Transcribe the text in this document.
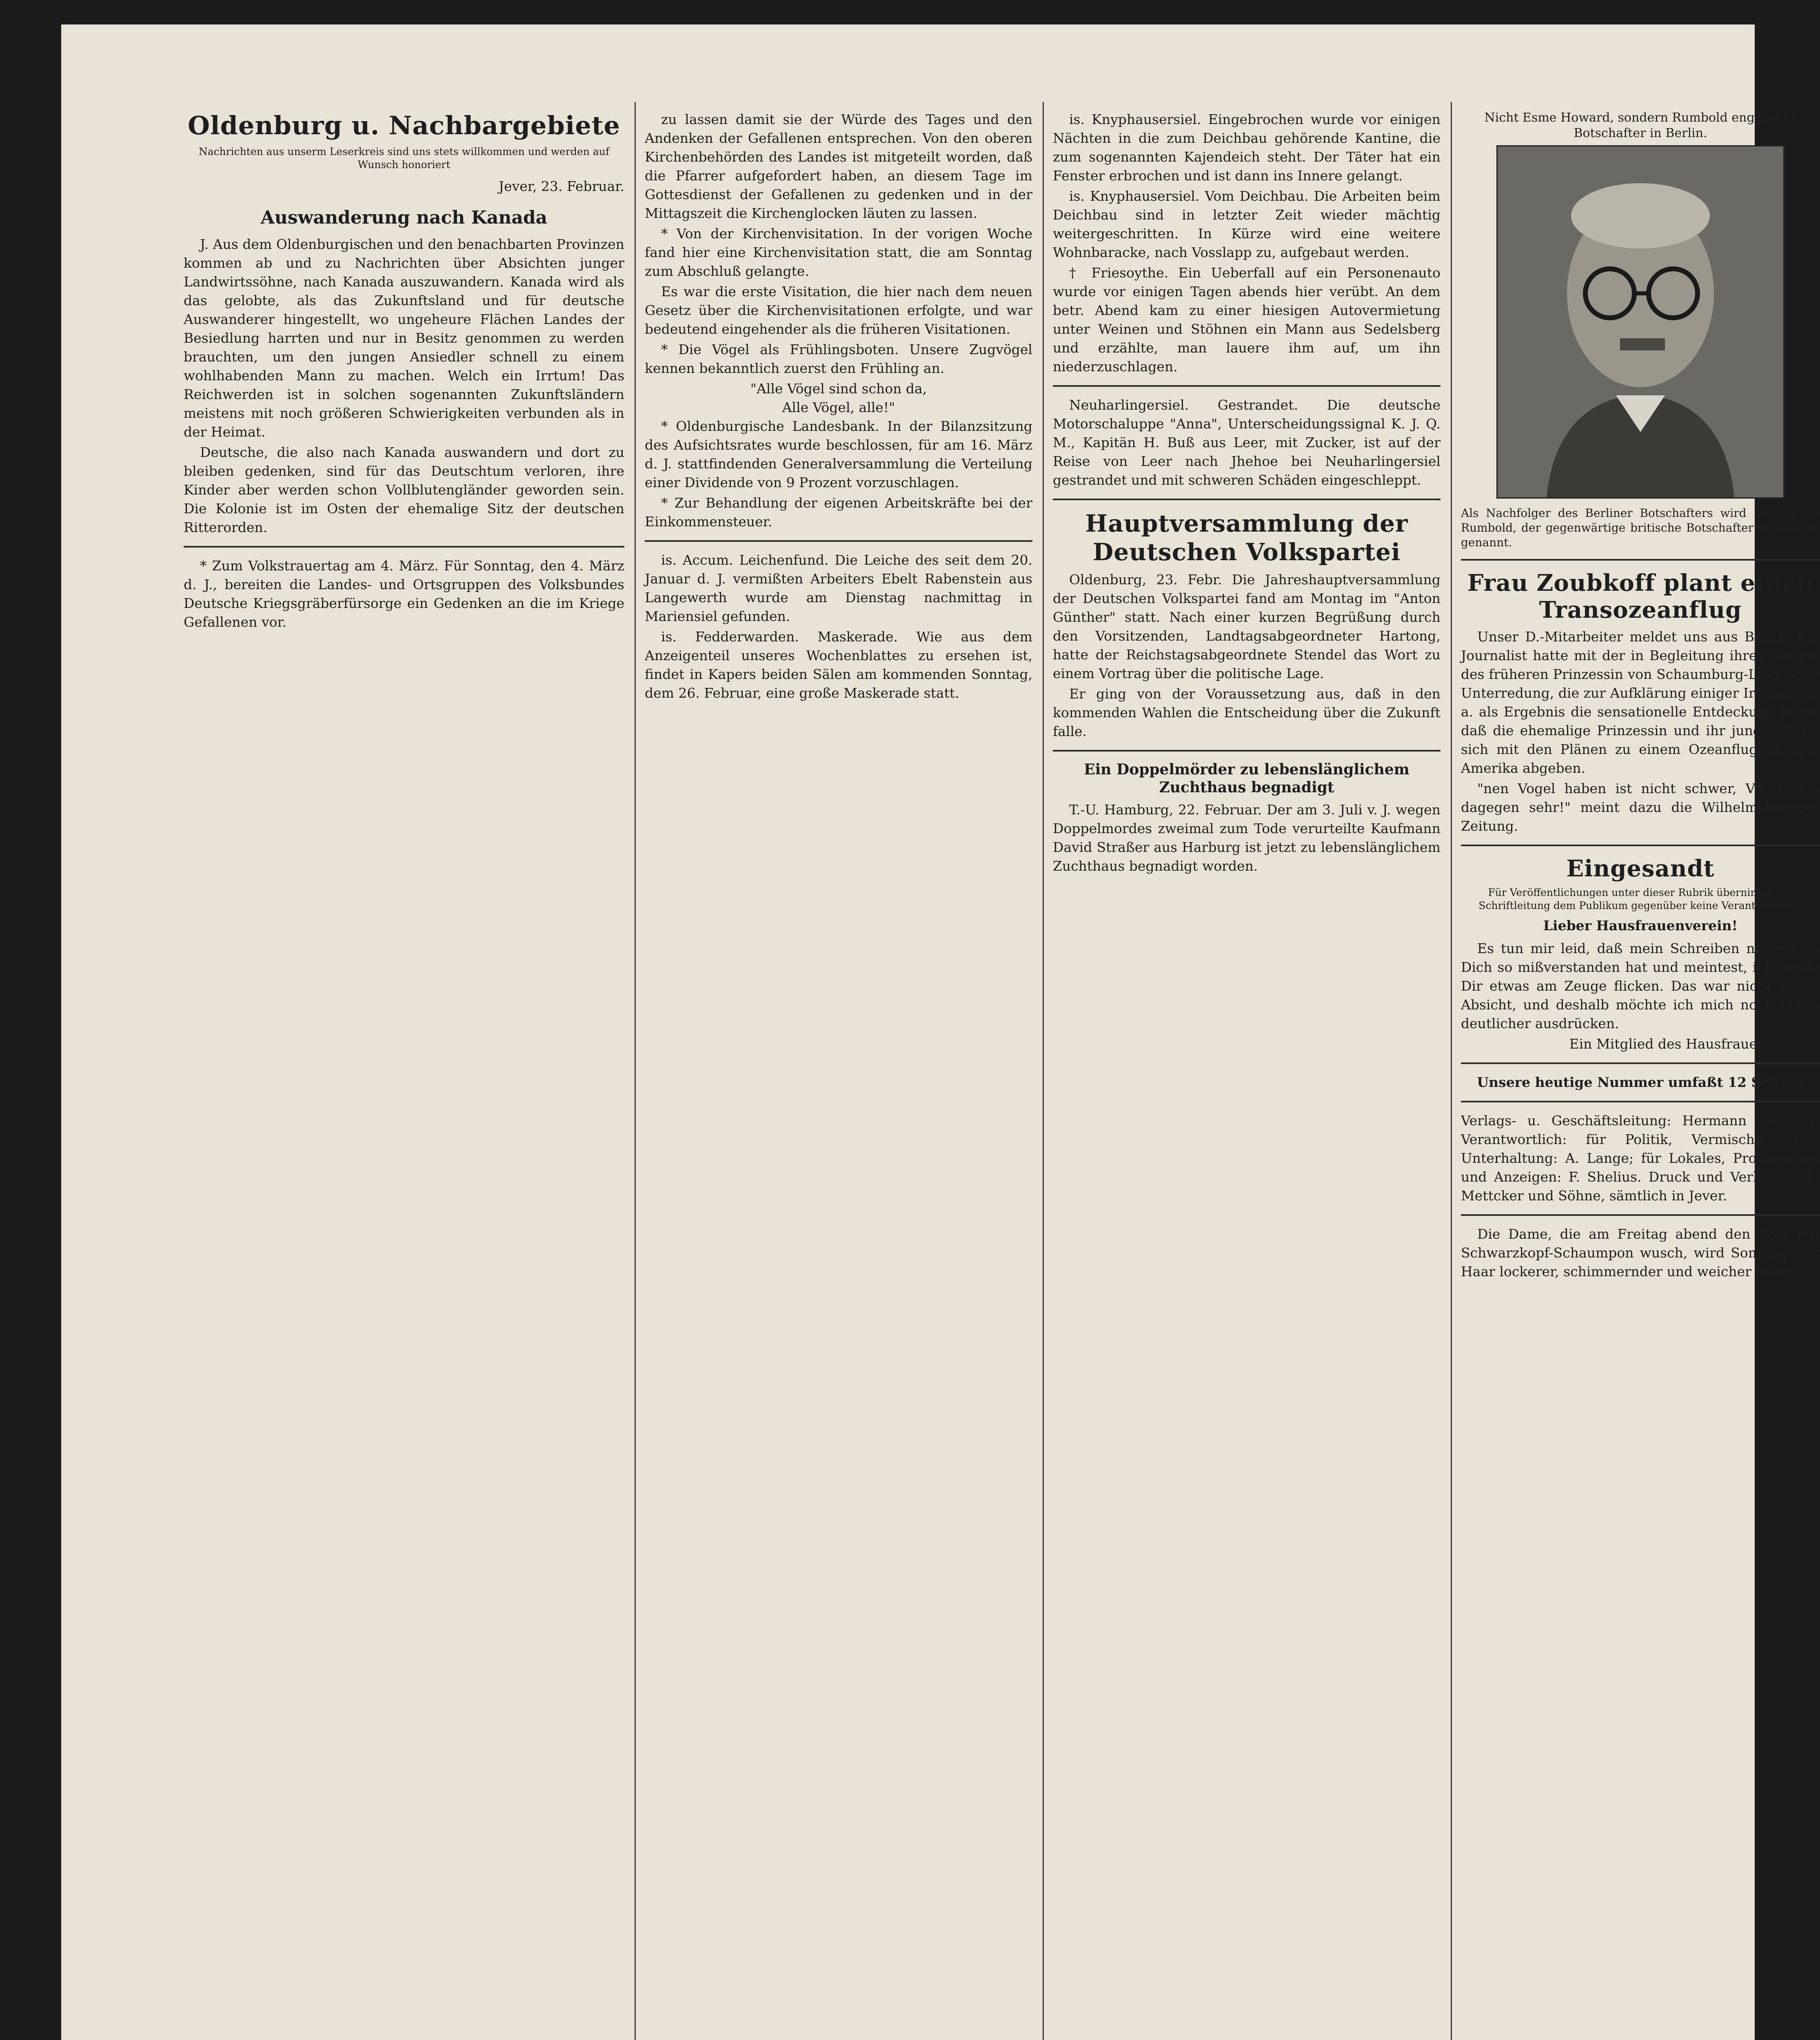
Oldenburg u. Nachbargebiete
Nachrichten aus unserm Leserkreis sind uns stets willkommen und werden auf Wunsch honoriert
Jever, 23. Februar.
Auswanderung nach Kanada

J. Aus dem Oldenburgischen und den benachbarten Provinzen kommen ab und zu Nachrichten über Absichten junger Landwirtssöhne, nach Kanada auszuwandern. Kanada wird als das gelobte, als das Zukunftsland und für deutsche Auswanderer hingestellt, wo ungeheure Flächen Landes der Besiedlung harrten und nur in Besitz genommen zu werden brauchten, um den jungen Ansiedler schnell zu einem wohlhabenden Mann zu machen. Welch ein Irrtum! Das Reichwerden ist in solchen sogenannten Zukunftsländern meistens mit noch größeren Schwierigkeiten verbunden als in der Heimat.

Deutsche, die also nach Kanada auswandern und dort zu bleiben gedenken, sind für das Deutschtum verloren, ihre Kinder aber werden schon Vollblutengländer geworden sein. Die Kolonie ist im Osten der ehemalige Sitz der deutschen Ritterorden.

* Zum Volkstrauertag am 4. März. Für Sonntag, den 4. März d. J., bereiten die Landes- und Ortsgruppen des Volksbundes Deutsche Kriegsgräberfürsorge ein Gedenken an die im Kriege Gefallenen vor.

zu lassen damit sie der Würde des Tages und den Andenken der Gefallenen entsprechen. Von den oberen Kirchenbehörden des Landes ist mitgeteilt worden, daß die Pfarrer aufgefordert haben, an diesem Tage im Gottesdienst der Gefallenen zu gedenken und in der Mittagszeit die Kirchenglocken läuten zu lassen.

* Von der Kirchenvisitation. In der vorigen Woche fand hier eine Kirchenvisitation statt, die am Sonntag zum Abschluß gelangte.

Es war die erste Visitation, die hier nach dem neuen Gesetz über die Kirchenvisitationen erfolgte, und war bedeutend eingehender als die früheren Visitationen.

* Die Vögel als Frühlingsboten. Unsere Zugvögel kennen bekanntlich zuerst den Frühling an.

"Alle Vögel sind schon da,
Alle Vögel, alle!"

* Oldenburgische Landesbank. In der Bilanzsitzung des Aufsichtsrates wurde beschlossen, für am 16. März d. J. stattfindenden Generalversammlung die Verteilung einer Dividende von 9 Prozent vorzuschlagen.

* Zur Behandlung der eigenen Arbeitskräfte bei der Einkommensteuer.

is. Accum. Leichenfund. Die Leiche des seit dem 20. Januar d. J. vermißten Arbeiters Ebelt Rabenstein aus Langewerth wurde am Dienstag nachmittag in Mariensiel gefunden.

is. Fedderwarden. Maskerade. Wie aus dem Anzeigenteil unseres Wochenblattes zu ersehen ist, findet in Kapers beiden Sälen am kommenden Sonntag, dem 26. Februar, eine große Maskerade statt.

is. Knyphausersiel. Eingebrochen wurde vor einigen Nächten in die zum Deichbau gehörende Kantine, die zum sogenannten Kajendeich steht. Der Täter hat ein Fenster erbrochen und ist dann ins Innere gelangt.

is. Knyphausersiel. Vom Deichbau. Die Arbeiten beim Deichbau sind in letzter Zeit wieder mächtig weitergeschritten. In Kürze wird eine weitere Wohnbaracke, nach Vosslapp zu, aufgebaut werden.

† Friesoythe. Ein Ueberfall auf ein Personenauto wurde vor einigen Tagen abends hier verübt. An dem betr. Abend kam zu einer hiesigen Autovermietung unter Weinen und Stöhnen ein Mann aus Sedelsberg und erzählte, man lauere ihm auf, um ihn niederzuschlagen.

Neuharlingersiel. Gestrandet. Die deutsche Motorschaluppe "Anna", Unterscheidungssignal K. J. Q. M., Kapitän H. Buß aus Leer, mit Zucker, ist auf der Reise von Leer nach Jhehoe bei Neuharlingersiel gestrandet und mit schweren Schäden eingeschleppt.

Hauptversammlung der Deutschen Volkspartei

Oldenburg, 23. Febr. Die Jahreshauptversammlung der Deutschen Volkspartei fand am Montag im "Anton Günther" statt. Nach einer kurzen Begrüßung durch den Vorsitzenden, Landtagsabgeordneter Hartong, hatte der Reichstagsabgeordnete Stendel das Wort zu einem Vortrag über die politische Lage.

Er ging von der Voraussetzung aus, daß in den kommenden Wahlen die Entscheidung über die Zukunft falle.

Ein Doppelmörder zu lebenslänglichem Zuchthaus begnadigt

T.-U. Hamburg, 22. Februar. Der am 3. Juli v. J. wegen Doppelmordes zweimal zum Tode verurteilte Kaufmann David Straßer aus Harburg ist jetzt zu lebenslänglichem Zuchthaus begnadigt worden.

Nicht Esme Howard, sondern Rumbold englischer Botschafter in Berlin.
Als Nachfolger des Berliner Botschafters wird Sir Horace Rumbold, der gegenwärtige britische Botschafter in Madrid, genannt.
Frau Zoubkoff plant einen Transozeanflug

Unser D.-Mitarbeiter meldet uns aus Berlin: Ein Journalist hatte mit der in Begleitung ihres Gatten, des früheren Prinzessin von Schaumburg-Lippe eine Unterredung, die zur Aufklärung einiger Irrtümer u. a. als Ergebnis die sensationelle Entdeckung hatte, daß die ehemalige Prinzessin und ihr junger Gatte sich mit den Plänen zu einem Ozeanflug Europa-Amerika abgeben.

"nen Vogel haben ist nicht schwer, Vogel sein dagegen sehr!" meint dazu die Wilhelmshavener Zeitung.

Eingesandt
Für Veröffentlichungen unter dieser Rubrik übernimmt die Schriftleitung dem Publikum gegenüber keine Verantwortung.
Lieber Hausfrauenverein!

Es tun mir leid, daß mein Schreiben neulich an Dich so mißverstanden hat und meintest, ich wollte Dir etwas am Zeuge flicken. Das war nicht meine Absicht, und deshalb möchte ich mich noch etwas deutlicher ausdrücken.

Ein Mitglied des Hausfrauenvereins.
Unsere heutige Nummer umfaßt 12 Seiten.

Verlags- u. Geschäftsleitung: Hermann Böttcher. Verantwortlich: für Politik, Vermischtes und Unterhaltung: A. Lange; für Lokales, Provinzielles und Anzeigen: F. Shelius. Druck und Verlag: C. L. Mettcker und Söhne, sämtlich in Jever.

Die Dame, die am Freitag abend den Kopf mit Schwarzkopf-Schaumpon wusch, wird Sonntags ihr Haar lockerer, schimmernder und weicher haben.
